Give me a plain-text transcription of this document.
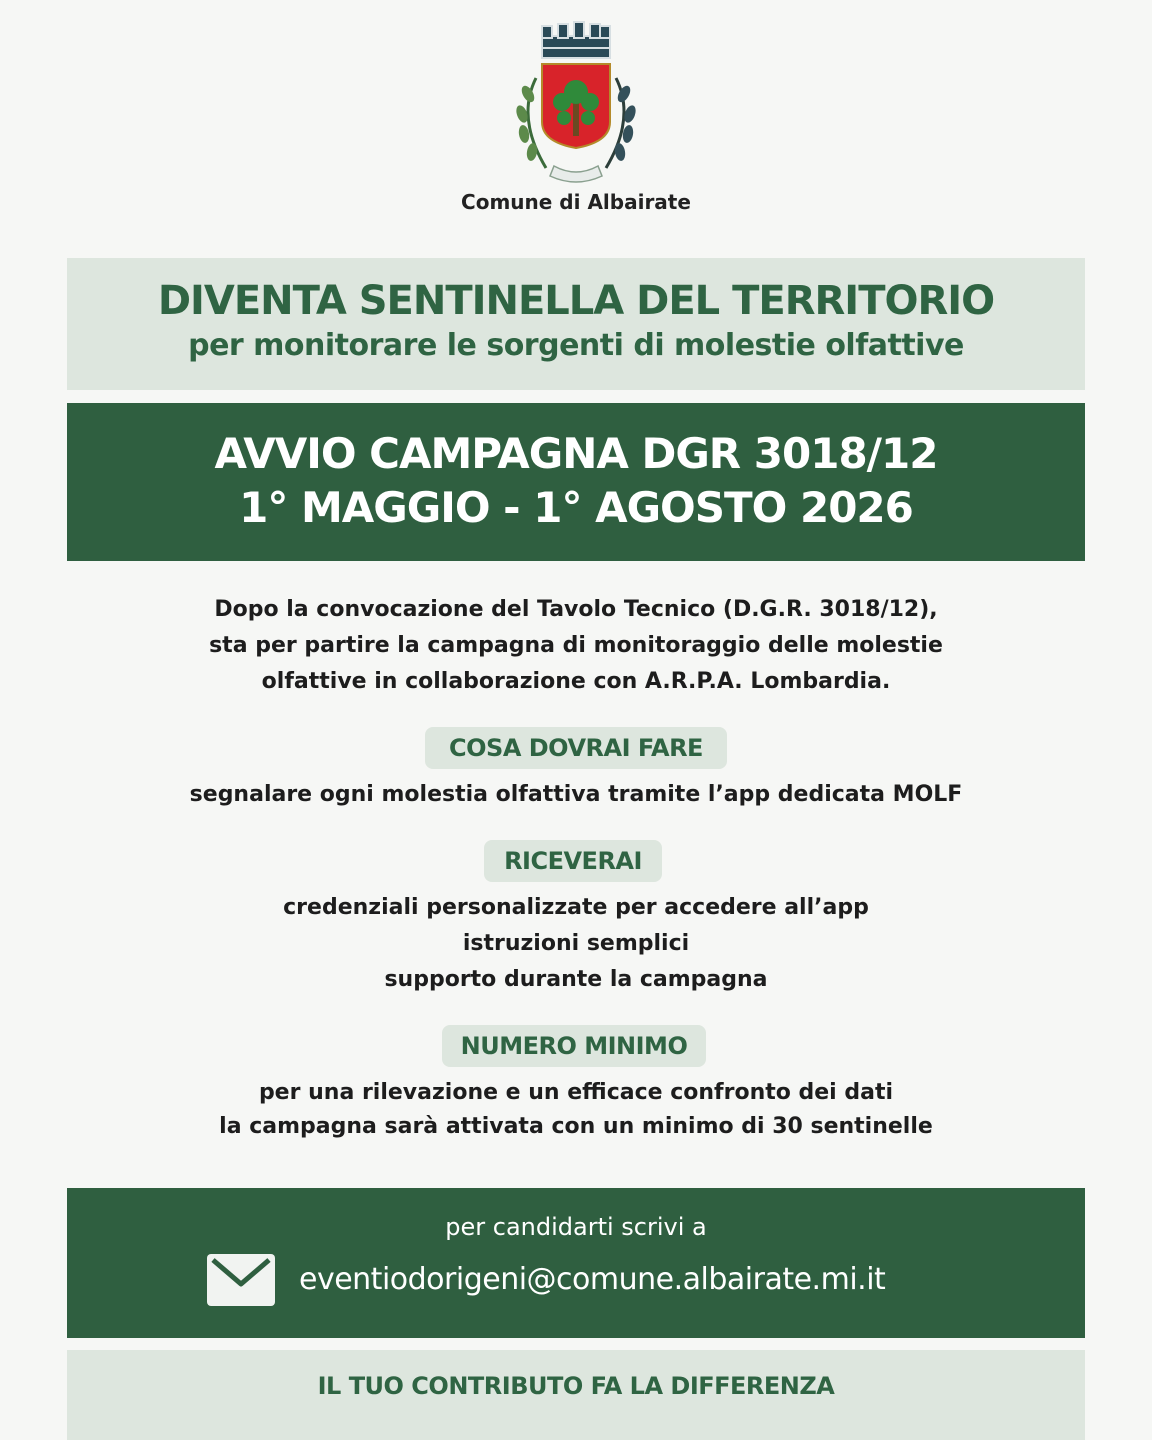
Comune di Albairate
DIVENTA SENTINELLA DEL TERRITORIO
per monitorare le sorgenti di molestie olfattive
AVVIO CAMPAGNA DGR 3018/12
1° MAGGIO - 1° AGOSTO 2026
Dopo la convocazione del Tavolo Tecnico (D.G.R. 3018/12),
sta per partire la campagna di monitoraggio delle molestie
olfattive in collaborazione con A.R.P.A. Lombardia.
COSA DOVRAI FARE
segnalare ogni molestia olfattiva tramite l’app dedicata MOLF
RICEVERAI
credenziali personalizzate per accedere all’app
istruzioni semplici
supporto durante la campagna
NUMERO MINIMO
per una rilevazione e un efficace confronto dei dati
la campagna sarà attivata con un minimo di 30 sentinelle
per candidarti scrivi a
eventiodorigeni@comune.albairate.mi.it
IL TUO CONTRIBUTO FA LA DIFFERENZA
